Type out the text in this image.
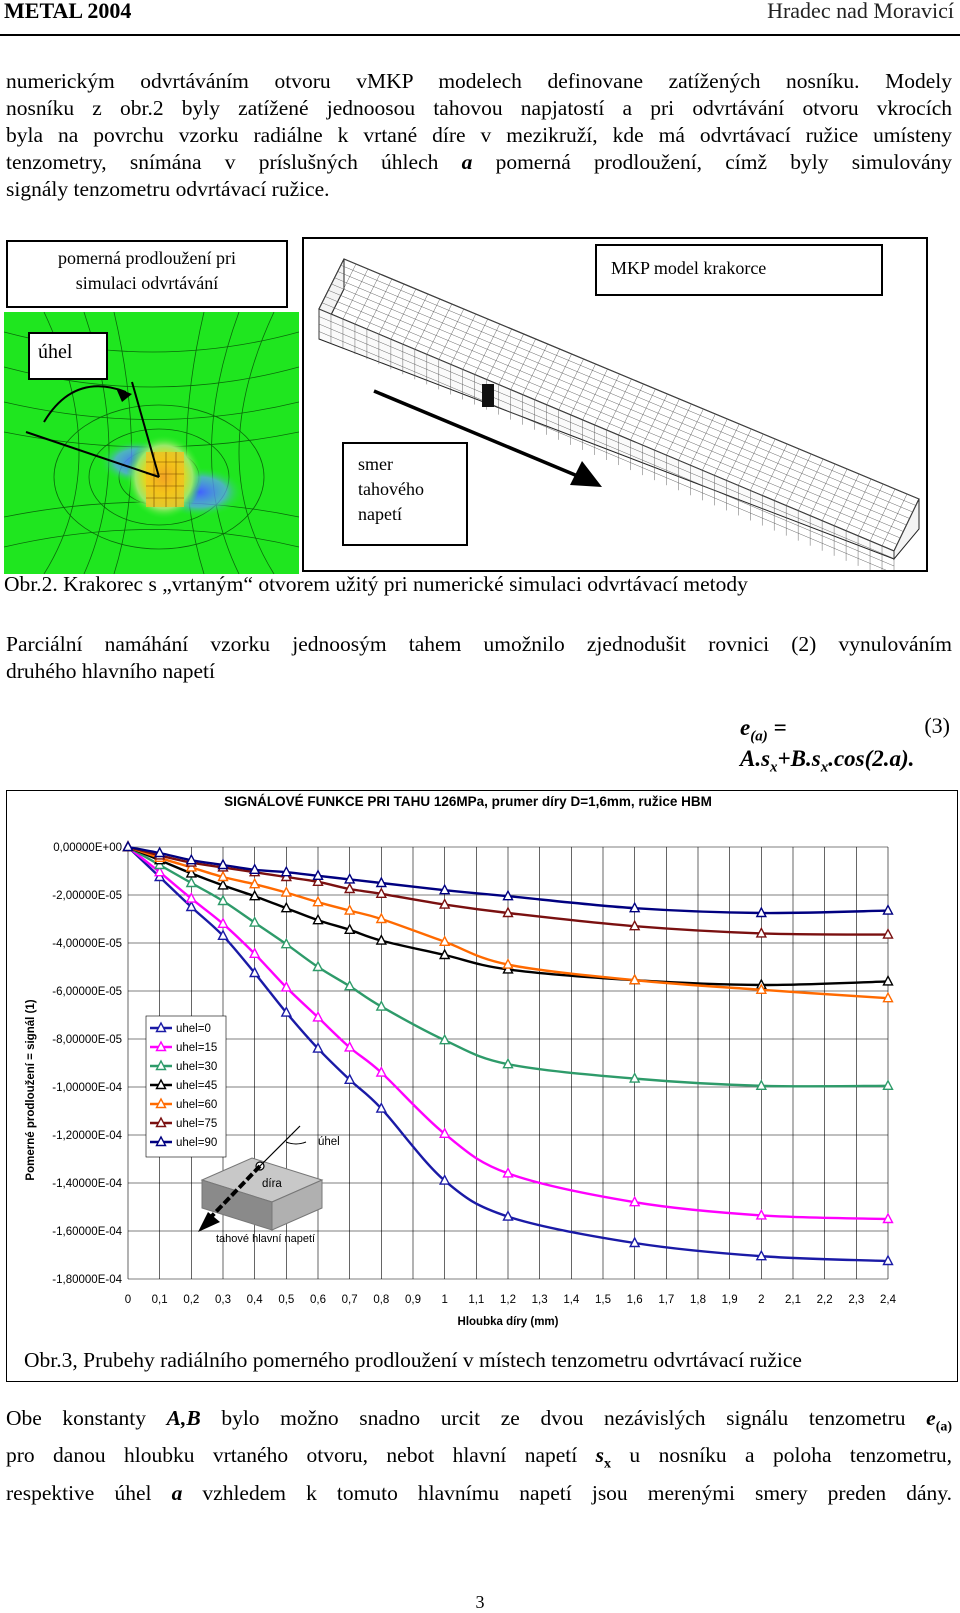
METAL 2004	Hradec nad Moravicí
numerickým odvrtáváním otvoru vMKP modelech definovane zatížených nosníku. Modely
nosníku z obr.2 byly zatížené jednoosou tahovou napjatostí a pri odvrtávání otvoru vkrocích
byla na povrchu vzorku radiálne k vrtané díre v mezikruží, kde má odvrtávací ružice umísteny
tenzometry, snímána v príslušných úhlech a pomerná prodloužení, címž byly simulovány
signály tenzometru odvrtávací ružice.
pomerná prodloužení pri
simulaci odvrtávání
úhel
MKP model krakorce
smer
tahového
napetí
Obr.2. Krakorec s „vrtaným“ otvorem užitý pri numerické simulaci odvrtávací metody
Parciální namáhání vzorku jednoosým tahem umožnilo zjednodušit rovnici (2) vynulováním
druhého hlavního napetí
$e_{(a)} = A.s_x+B.s_x.\cos(2.a)$.
(3)
SIGNÁLOVÉ FUNKCE PRI TAHU 126MPa, prumer díry D=1,6mm, ružice HBM
0,00000E+00
-2,00000E-05
-4,00000E-05
-6,00000E-05
-8,00000E-05
-1,00000E-04
-1,20000E-04
-1,40000E-04
-1,60000E-04
-1,80000E-04
0 0,1 0,2 0,3 0,4 0,5 0,6 0,7 0,8 0,9 1 1,1 1,2 1,3 1,4 1,5 1,6 1,7 1,8 1,9 2 2,1 2,2 2,3 2,4
Hloubka díry (mm)
Pomerné prodloužení = signál (1)	uhel=0
uhel=15
uhel=30
uhel=45
uhel=60
uhel=75
uhel=90	úhel
díra
tahové hlavní napetí
Obr.3, Prubehy radiálního pomerného prodloužení v místech tenzometru odvrtávací ružice
Obe konstanty A,B bylo možno snadno urcit ze dvou nezávislých signálu tenzometru $e_{(a)}$
pro danou hloubku vrtaného otvoru, nebot hlavní napetí $s_x$ u nosníku a poloha tenzometru,
respektive úhel a vzhledem k tomuto hlavnímu napetí jsou merenými smery preden dány.
3
